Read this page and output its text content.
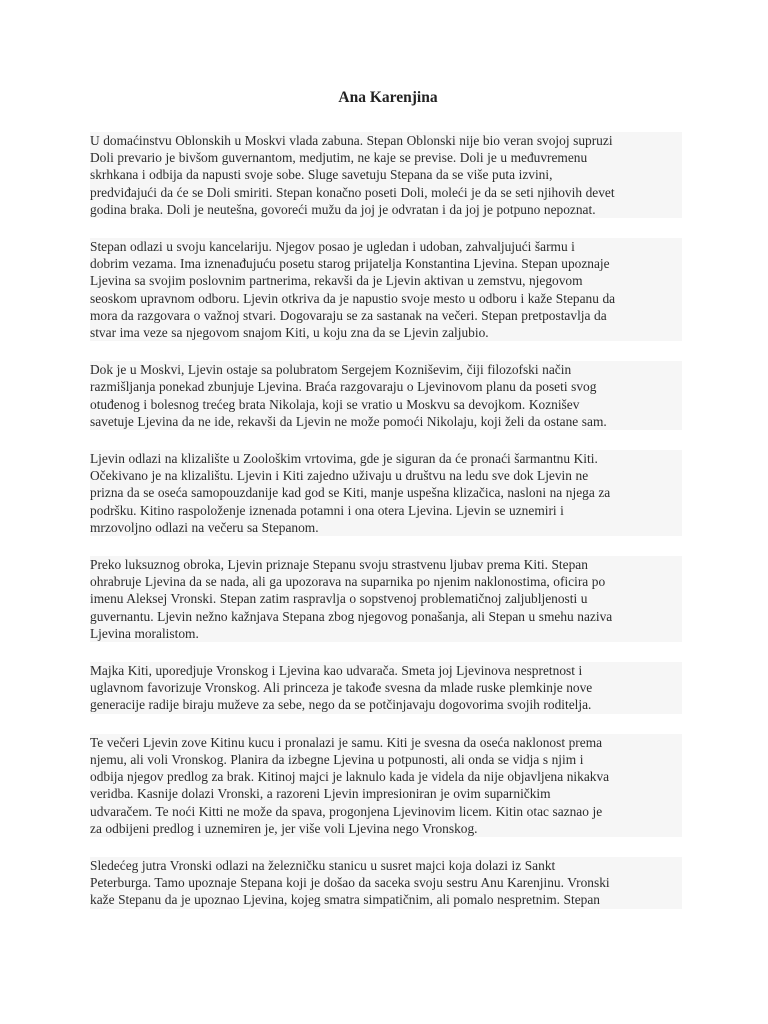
Ana Karenjina
U domaćinstvu Oblonskih u Moskvi vlada zabuna. Stepan Oblonski nije bio veran svojoj supruzi
Doli prevario je bivšom guvernantom, medjutim, ne kaje se previse. Doli je u međuvremenu
skrhkana i odbija da napusti svoje sobe. Sluge savetuju Stepana da se više puta izvini,
predviđajući da će se Doli smiriti. Stepan konačno poseti Doli, moleći je da se seti njihovih devet
godina braka. Doli je neutešna, govoreći mužu da joj je odvratan i da joj je potpuno nepoznat.
Stepan odlazi u svoju kancelariju. Njegov posao je ugledan i udoban, zahvaljujući šarmu i
dobrim vezama. Ima iznenađujuću posetu starog prijatelja Konstantina Ljevina. Stepan upoznaje
Ljevina sa svojim poslovnim partnerima, rekavši da je Ljevin aktivan u zemstvu, njegovom
seoskom upravnom odboru. Ljevin otkriva da je napustio svoje mesto u odboru i kaže Stepanu da
mora da razgovara o važnoj stvari. Dogovaraju se za sastanak na večeri. Stepan pretpostavlja da
stvar ima veze sa njegovom snajom Kiti, u koju zna da se Ljevin zaljubio.
Dok je u Moskvi, Ljevin ostaje sa polubratom Sergejem Kozniševim, čiji filozofski način
razmišljanja ponekad zbunjuje Ljevina. Braća razgovaraju o Ljevinovom planu da poseti svog
otuđenog i bolesnog trećeg brata Nikolaja, koji se vratio u Moskvu sa devojkom. Koznišev
savetuje Ljevina da ne ide, rekavši da Ljevin ne može pomoći Nikolaju, koji želi da ostane sam.
Ljevin odlazi na klizalište u Zoološkim vrtovima, gde je siguran da će pronaći šarmantnu Kiti.
Očekivano je na klizalištu. Ljevin i Kiti zajedno uživaju u društvu na ledu sve dok Ljevin ne
prizna da se oseća samopouzdanije kad god se Kiti, manje uspešna klizačica, nasloni na njega za
podršku. Kitino raspoloženje iznenada potamni i ona otera Ljevina. Ljevin se uznemiri i
mrzovoljno odlazi na večeru sa Stepanom.
Preko luksuznog obroka, Ljevin priznaje Stepanu svoju strastvenu ljubav prema Kiti. Stepan
ohrabruje Ljevina da se nada, ali ga upozorava na suparnika po njenim naklonostima, oficira po
imenu Aleksej Vronski. Stepan zatim raspravlja o sopstvenoj problematičnoj zaljubljenosti u
guvernantu. Ljevin nežno kažnjava Stepana zbog njegovog ponašanja, ali Stepan u smehu naziva
Ljevina moralistom.
Majka Kiti, uporedjuje Vronskog i Ljevina kao udvarača. Smeta joj Ljevinova nespretnost i
uglavnom favorizuje Vronskog. Ali princeza je takođe svesna da mlade ruske plemkinje nove
generacije radije biraju muževe za sebe, nego da se potčinjavaju dogovorima svojih roditelja.
Te večeri Ljevin zove Kitinu kucu i pronalazi je samu. Kiti je svesna da oseća naklonost prema
njemu, ali voli Vronskog. Planira da izbegne Ljevina u potpunosti, ali onda se vidja s njim i
odbija njegov predlog za brak. Kitinoj majci je laknulo kada je videla da nije objavljena nikakva
veridba. Kasnije dolazi Vronski, a razoreni Ljevin impresioniran je ovim suparničkim
udvaračem. Te noći Kitti ne može da spava, progonjena Ljevinovim licem. Kitin otac saznao je
za odbijeni predlog i uznemiren je, jer više voli Ljevina nego Vronskog.
Sledećeg jutra Vronski odlazi na železničku stanicu u susret majci koja dolazi iz Sankt
Peterburga. Tamo upoznaje Stepana koji je došao da saceka svoju sestru Anu Karenjinu. Vronski
kaže Stepanu da je upoznao Ljevina, kojeg smatra simpatičnim, ali pomalo nespretnim. Stepan
